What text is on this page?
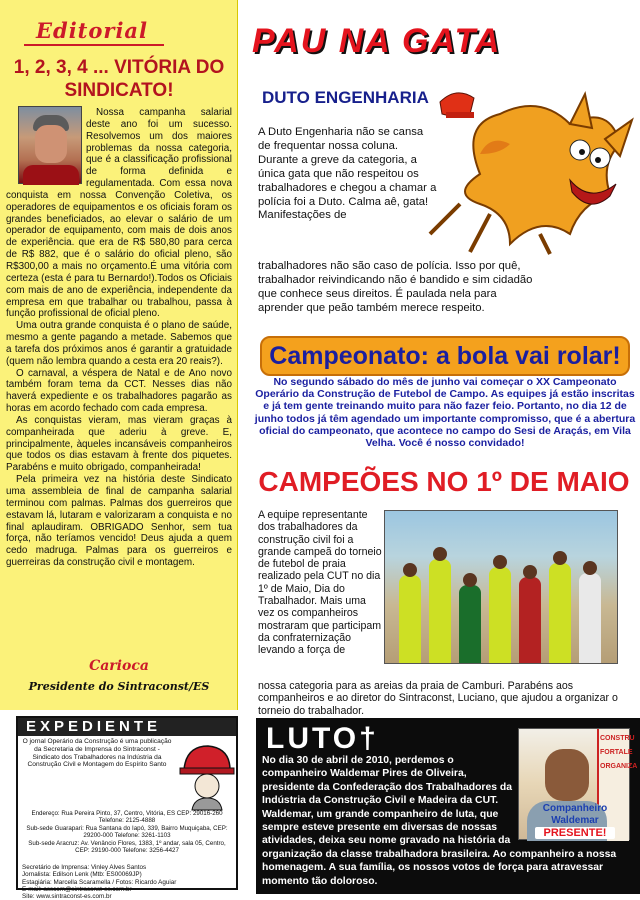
Editorial
1, 2, 3, 4 ... VITÓRIA DO SINDICATO!

Nossa campanha salarial deste ano foi um sucesso. Resolvemos um dos maiores problemas da nossa categoria, que é a classificação profissional de forma definida e regulamentada. Com essa nova conquista em nossa Convenção Coletiva, os operadores de equipamentos e os oficiais foram os grandes beneficiados, ao elevar o salário de um operador de equipamento, com mais de dois anos de experiência. que era de R$ 580,80 para cerca de R$ 882, que é o salário do oficial pleno, são R$300,00 a mais no orçamento.É uma vitória com certeza (esta é para tu Bernardo!).Todos os Oficiais com mais de ano de experiência, independente da empresa em que trabalhar ou trabalhou, passa à função profissional de oficial pleno.

Uma outra grande conquista é o plano de saúde, mesmo a gente pagando a metade. Sabemos que a tarefa dos próximos anos é garantir a gratuidade (quem não lembra quando a cesta era 20 reais?).

O carnaval, a véspera de Natal e de Ano novo também foram tema da CCT. Nesses dias não haverá expediente e os trabalhadores pagarão as horas em acordo fechado com cada empresa.

As conquistas vieram, mas vieram graças à companheirada que aderiu à greve. E, principalmente, àqueles incansáveis companheiros que todos os dias estavam à frente dos piquetes. Parabéns e muito obrigado, companheirada!

Pela primeira vez na história deste Sindicato uma assembleia de final de campanha salarial terminou com palmas. Palmas dos guerreiros que estavam lá, lutaram e valorizaram a conquista e no final aplaudiram. OBRIGADO Senhor, sem tua força, não teríamos vencido! Deus ajuda a quem cedo madruga. Palmas para os guerreiros e guerreiras da construção civil e montagem.

Carioca
Presidente do Sintraconst/ES
PAU NA GATA
DUTO ENGENHARIA

A Duto Engenharia não se cansa de frequentar nossa coluna. Durante a greve da categoria, a única gata que não respeitou os trabalhadores e chegou a chamar a polícia foi a Duto. Calma aê, gata! Manifestações de

trabalhadores não são caso de polícia. Isso por quê, trabalhador reivindicando não é bandido e sim cidadão que conhece seus direitos. É paulada nela para aprender que peão também merece respeito.

Campeonato: a bola vai rolar!

No segundo sábado do mês de junho vai começar o XX Campeonato Operário da Construção de Futebol de Campo. As equipes já estão inscritas e já tem gente treinando muito para não fazer feio. Portanto, no dia 12 de junho todos já têm agendado um importante compromisso, que é a abertura oficial do campeonato, que acontece no campo do Sesi de Araçás, em Vila Velha. Você é nosso convidado!

CAMPEÕES NO 1º DE MAIO

A equipe representante dos trabalhadores da construção civil foi a grande campeã do torneio de futebol de praia realizado pela CUT no dia 1º de Maio, Dia do Trabalhador. Mais uma vez os companheiros mostraram que participam da confraternização levando a força de

nossa categoria para as areias da praia de Camburi. Parabéns aos companheiros e ao diretor do Sintraconst, Luciano, que ajudou a organizar o torneio do trabalhador.

EXPEDIENTE

O jornal Operário da Construção é uma publicação da Secretaria de Imprensa do Sintraconst - Sindicato dos Trabalhadores na Indústria da Construção Civil e Montagem do Espírito Santo

Endereço: Rua Pereira Pinto, 37, Centro, Vitória, ES CEP: 29016-260 Telefone: 2125-4888
Sub-sede Guarapari: Rua Santana do Iapó, 339, Bairro Muquiçaba, CEP: 29200-000 Telefone: 3261-1103
Sub-sede Aracruz: Av. Venâncio Flores, 1383, 1º andar, sala 05, Centro, CEP: 29190-000 Telefone: 3256-4427
Secretário de Imprensa: Vinley Alves Santos
Jornalista: Edilson Lenk (Mtb: ES00069JP)
Estagiária: Marcella Scaramella / Fotos: Ricardo Aguiar
E-mail: asscom@sintraconst-es.com.br
Site: www.sintraconst-es.com.br
LUTO†	CONSTRU
FORTALE
ORGANIZA
Companheiro
Waldemar
PRESENTE!

No dia 30 de abril de 2010, perdemos o companheiro Waldemar Pires de Oliveira, presidente da Confederação dos Trabalhadores da Indústria da Construção Civil e Madeira da CUT. Waldemar, um grande companheiro de luta, que sempre esteve presente em diversas de nossas atividades, deixa seu nome gravado na história da organização da classe trabalhadora brasileira. Ao companheiro a nossa homenagem. A sua família, os nossos votos de força para atravessar momento tão doloroso.
